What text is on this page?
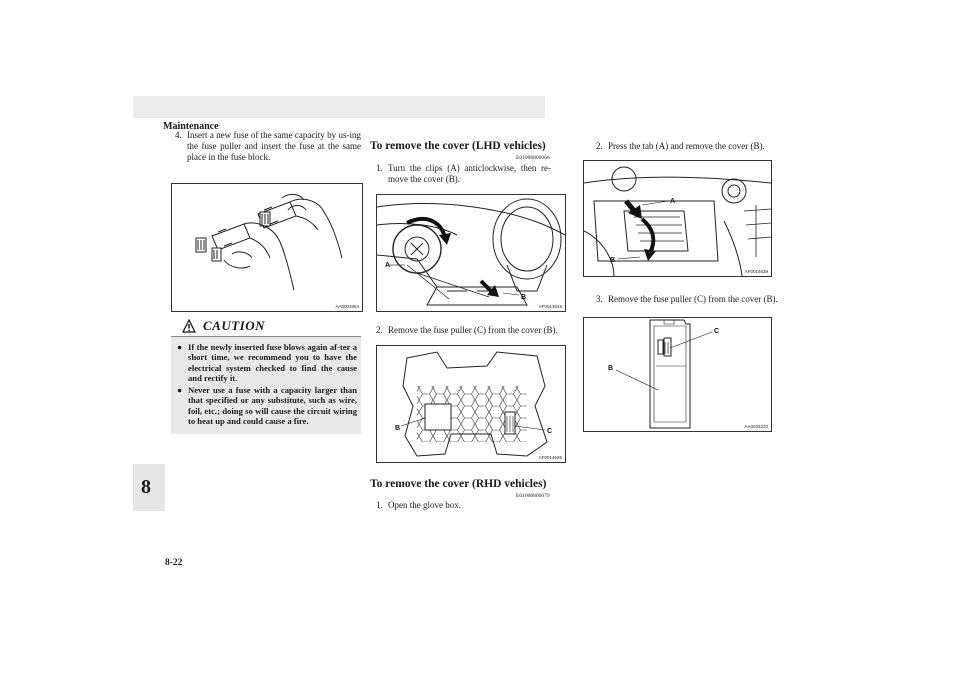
Maintenance
8
8-22
4. Insert a new fuse of the same capacity by us-ing the fuse puller and insert the fuse at the same place in the fuse block.
AA0003364
CAUTION
● If the newly inserted fuse blows again af-ter a short time, we recommend you to have the electrical system checked to find the cause and rectify it.
● Never use a fuse with a capacity larger than that specified or any substitute, such as wire, foil, etc.; doing so will cause the circuit wiring to heat up and could cause a fire.
To remove the cover (LHD vehicles)
E01006800066
1. Turn the clips (A) anticlockwise, then re-move the cover (B).
A
B
AF0013018
2. Remove the fuse puller (C) from the cover (B).
B	C
AF0014626
To remove the cover (RHD vehicles)
E01006800079
1. Open the glove box.
2. Press the tab (A) and remove the cover (B).
A
B
AF0014639
3. Remove the fuse puller (C) from the cover (B).
C
B
AA0033220
